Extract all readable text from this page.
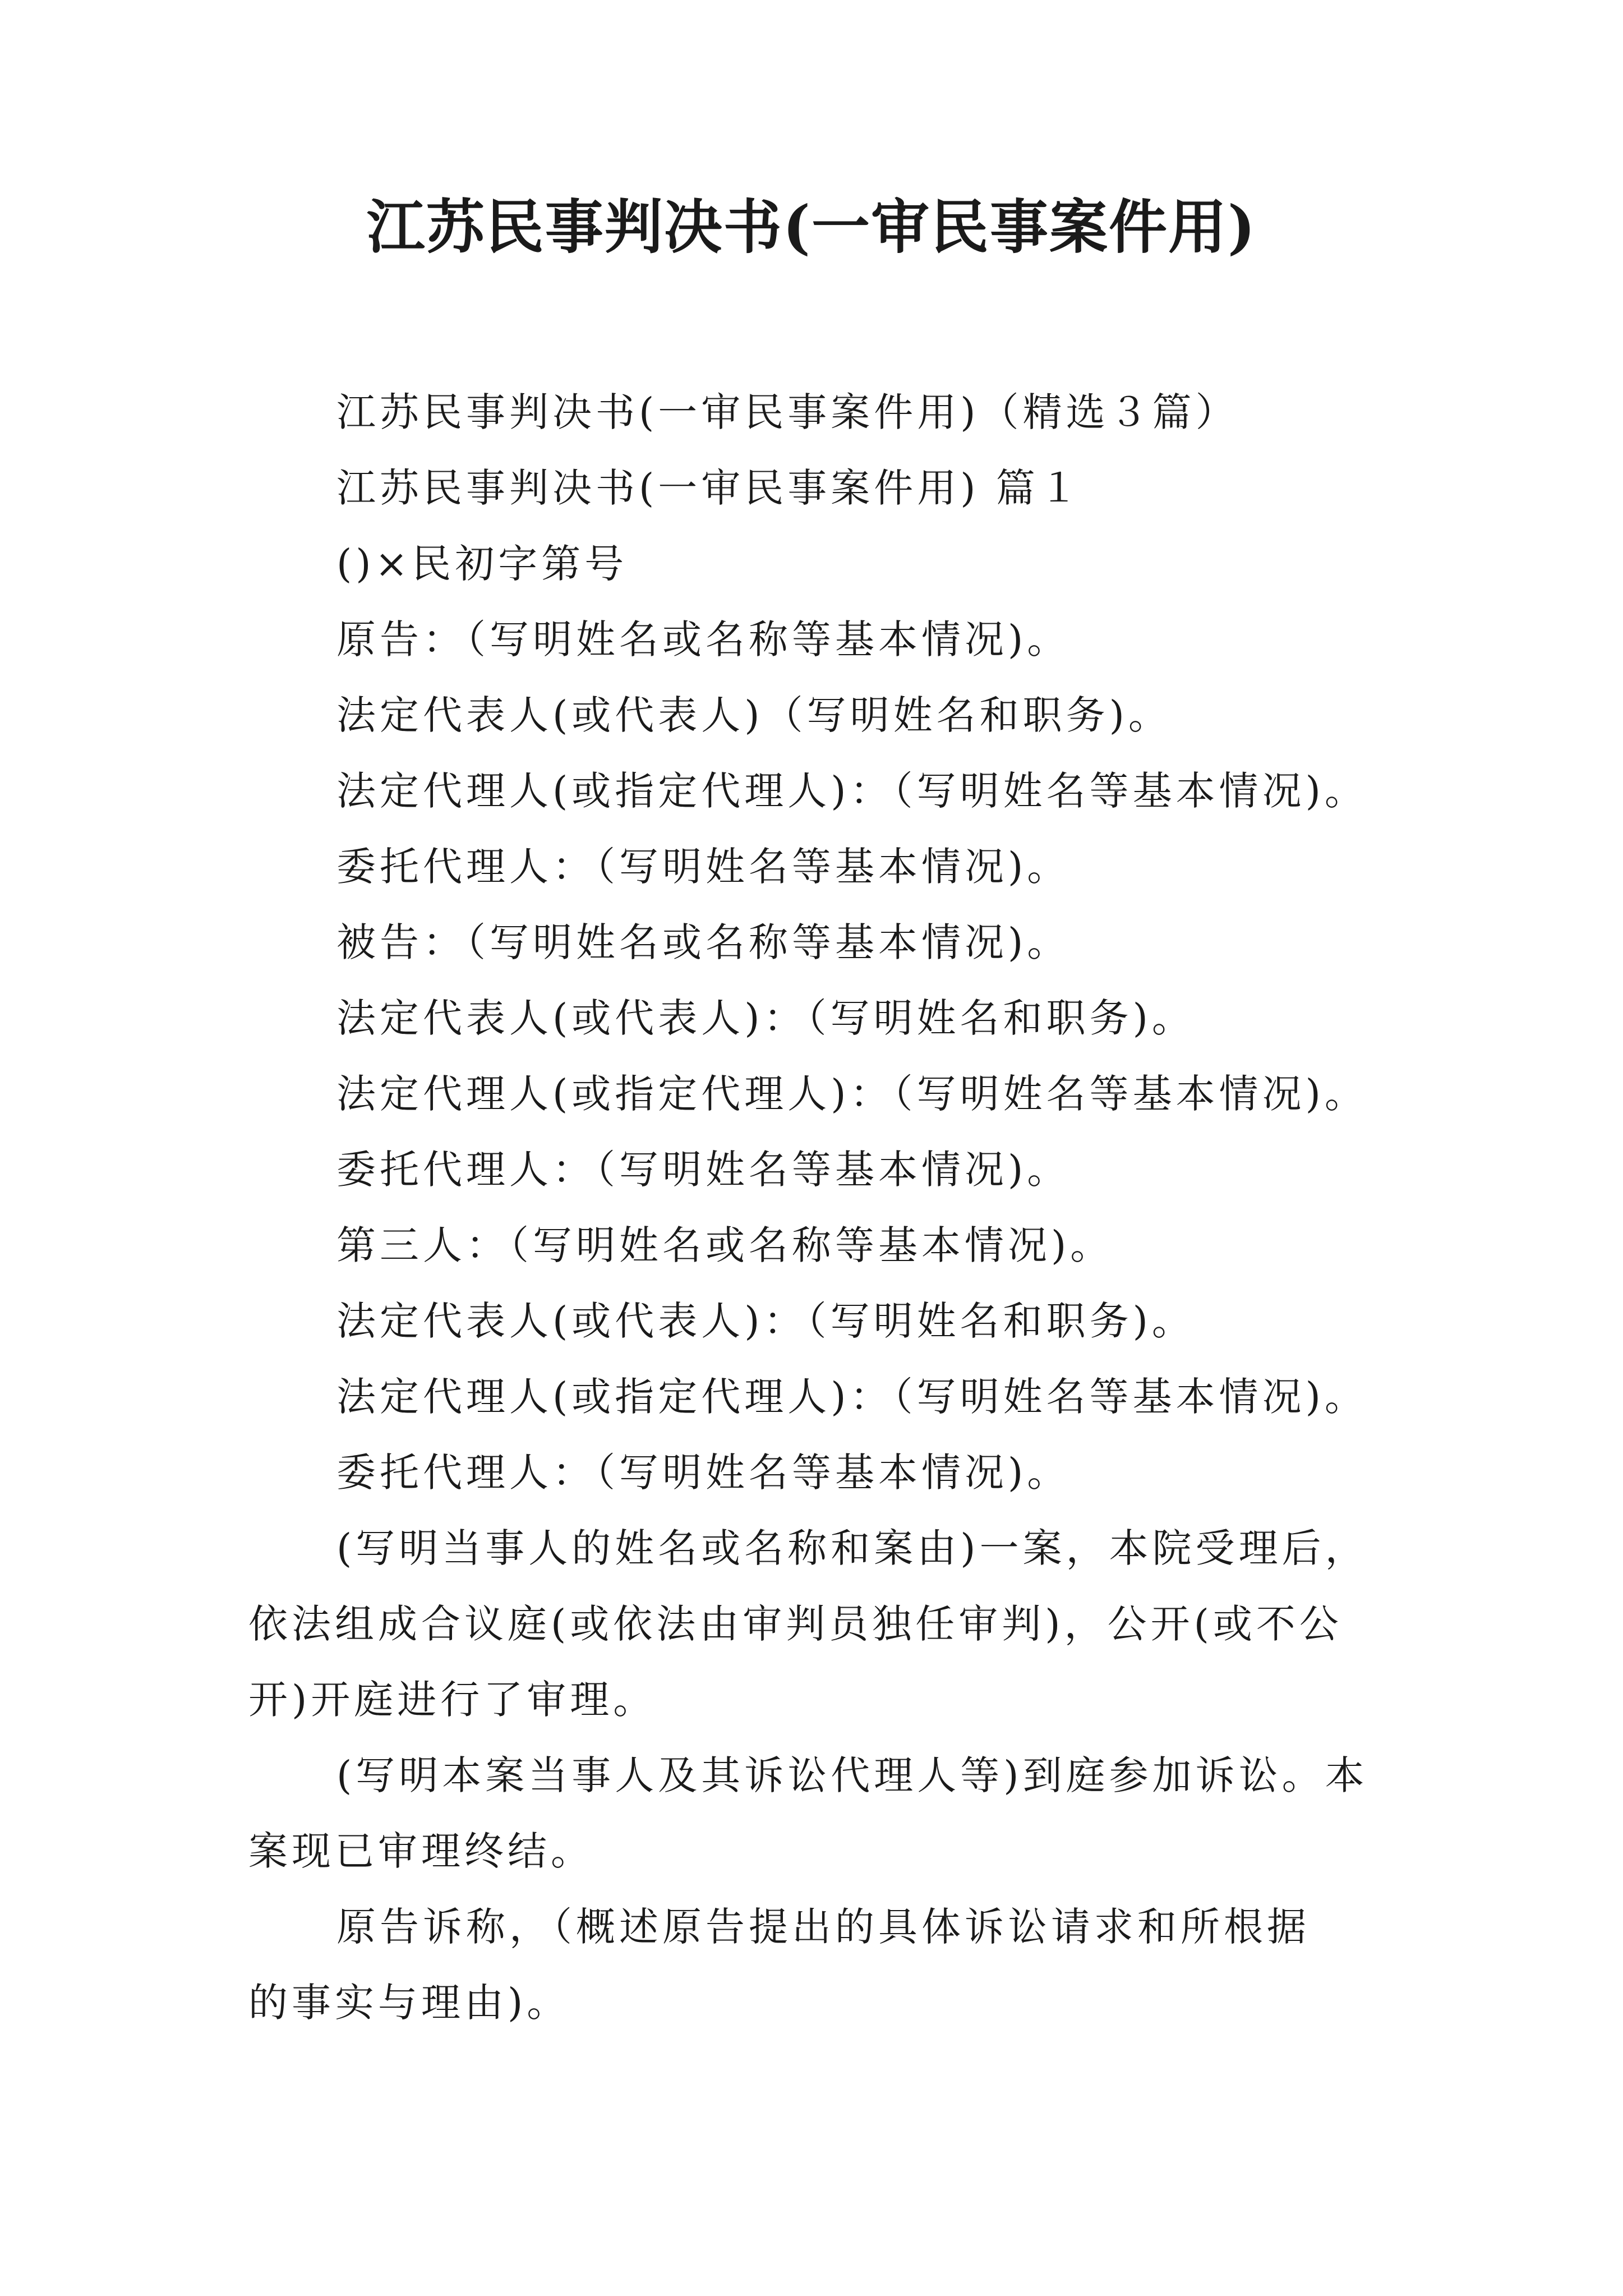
江苏民事判决书(一审民事案件用)

江苏民事判决书(一审民事案件用)（精选３篇）

江苏民事判决书(一审民事案件用) 篇１

()×民初字第号

原告：（写明姓名或名称等基本情况)。

法定代表人(或代表人)（写明姓名和职务)。

法定代理人(或指定代理人)：（写明姓名等基本情况)。

委托代理人：（写明姓名等基本情况)。

被告：（写明姓名或名称等基本情况)。

法定代表人(或代表人)：（写明姓名和职务)。

法定代理人(或指定代理人)：（写明姓名等基本情况)。

委托代理人：（写明姓名等基本情况)。

第三人：（写明姓名或名称等基本情况)。

法定代表人(或代表人)：（写明姓名和职务)。

法定代理人(或指定代理人)：（写明姓名等基本情况)。

委托代理人：（写明姓名等基本情况)。

(写明当事人的姓名或名称和案由)一案，本院受理后，

依法组成合议庭(或依法由审判员独任审判)，公开(或不公

开)开庭进行了审理。

(写明本案当事人及其诉讼代理人等)到庭参加诉讼。本

案现已审理终结。

原告诉称，（概述原告提出的具体诉讼请求和所根据

的事实与理由)。
